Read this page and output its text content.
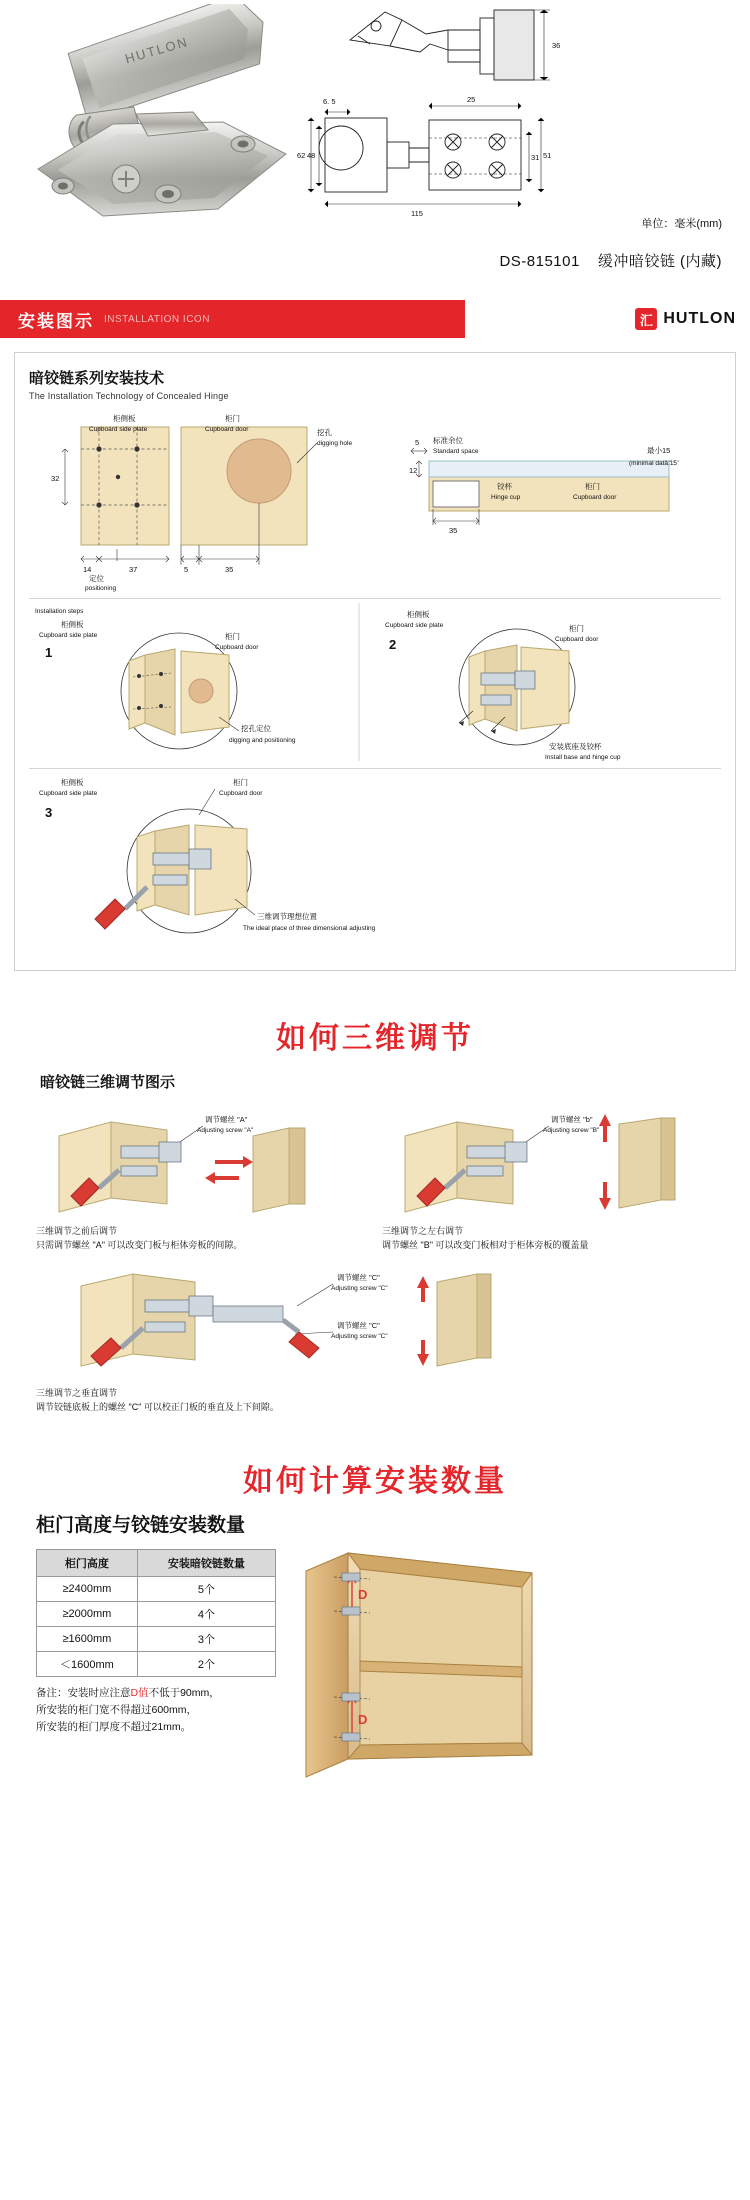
HUTLON	36
6. 5	25
62 48	31 51
115
单位：毫米(mm)
DS-815101 缓冲暗铰链 (内藏)
安装图示 INSTALLATION ICON	汇 HUTLON
暗铰链系列安装技术
The Installation Technology of Concealed Hinge
32
14	37	5	35
柜侧板
Cupboard side plate
柜门
Cupboard door	挖孔
digging hole
定位
positioning
12
5
35
标准余位
Standard space
铰杯
Hinge cup
柜门
Cupboard door
最小15
(minimal data:15
Installation steps
柜侧板
Cupboard side plate
1
柜门
Cupboard door
挖孔定位
digging and positioning
柜侧板
Cupboard side plate
2
柜门
Cupboard door
安装底座及铰杯
Install base and hinge cup
柜侧板
Cupboard side plate
3
柜门
Cupboard door
三维调节理想位置
The ideal place of three dimensional adjusting
如何三维调节
暗铰链三维调节图示
调节螺丝 "A"
Adjusting screw "A"
三维调节之前后调节
只需调节螺丝 "A" 可以改变门板与柜体旁板的间隙。
调节螺丝 "b"
Adjusting screw "B"
三维调节之左右调节
调节螺丝 "B" 可以改变门板相对于柜体旁板的覆盖量
调节螺丝 "C"
Adjusting screw "C"
调节螺丝 "C"
Adjusting screw "C"
三维调节之垂直调节
调节铰链底板上的螺丝 "C" 可以校正门板的垂直及上下间隙。
如何计算安装数量
柜门高度与铰链安装数量
柜门高度	安装暗铰链数量
≥2400mm	5个
≥2000mm	4个
≥1600mm	3个
＜1600mm	2个
备注：安装时应注意D值不低于90mm，
所安装的柜门宽不得超过600mm，
所安装的柜门厚度不超过21mm。
D
D
